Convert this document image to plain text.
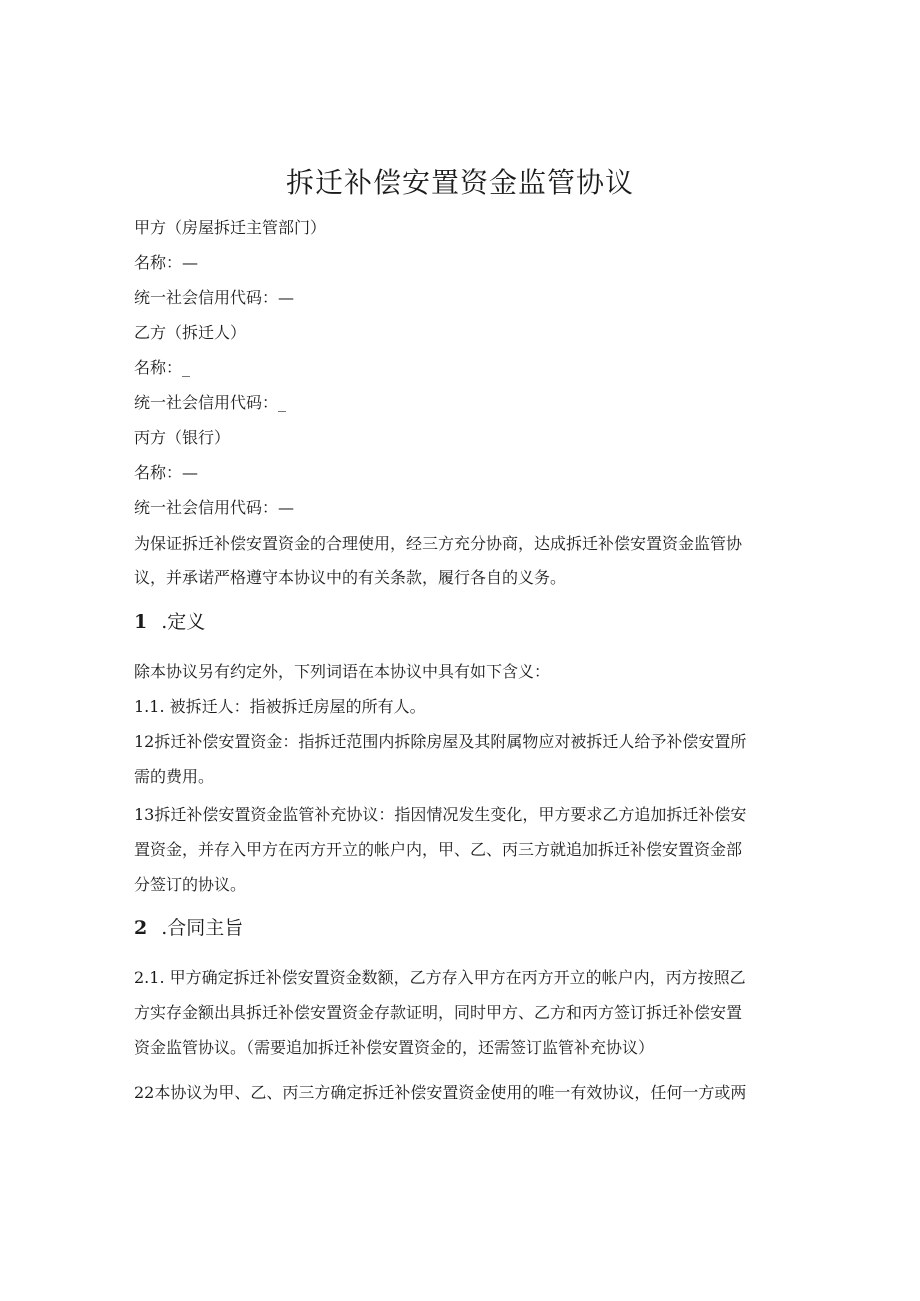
拆迁补偿安置资金监管协议
甲方（房屋拆迁主管部门）
名称：—
统一社会信用代码：—
乙方（拆迁人）
名称：_
统一社会信用代码：_
丙方（银行）
名称：—
统一社会信用代码：—
为保证拆迁补偿安置资金的合理使用，经三方充分协商，达成拆迁补偿安置资金监管协
议，并承诺严格遵守本协议中的有关条款，履行各自的义务。
1 .定义
除本协议另有约定外，下列词语在本协议中具有如下含义：
1.1. 被拆迁人：指被拆迁房屋的所有人。
12拆迁补偿安置资金：指拆迁范围内拆除房屋及其附属物应对被拆迁人给予补偿安置所
需的费用。
13拆迁补偿安置资金监管补充协议：指因情况发生变化，甲方要求乙方追加拆迁补偿安
置资金，并存入甲方在丙方开立的帐户内，甲、乙、丙三方就追加拆迁补偿安置资金部
分签订的协议。
2 .合同主旨
2.1. 甲方确定拆迁补偿安置资金数额，乙方存入甲方在丙方开立的帐户内，丙方按照乙
方实存金额出具拆迁补偿安置资金存款证明，同时甲方、乙方和丙方签订拆迁补偿安置
资金监管协议。（需要追加拆迁补偿安置资金的，还需签订监管补充协议）
22本协议为甲、乙、丙三方确定拆迁补偿安置资金使用的唯一有效协议，任何一方或两
